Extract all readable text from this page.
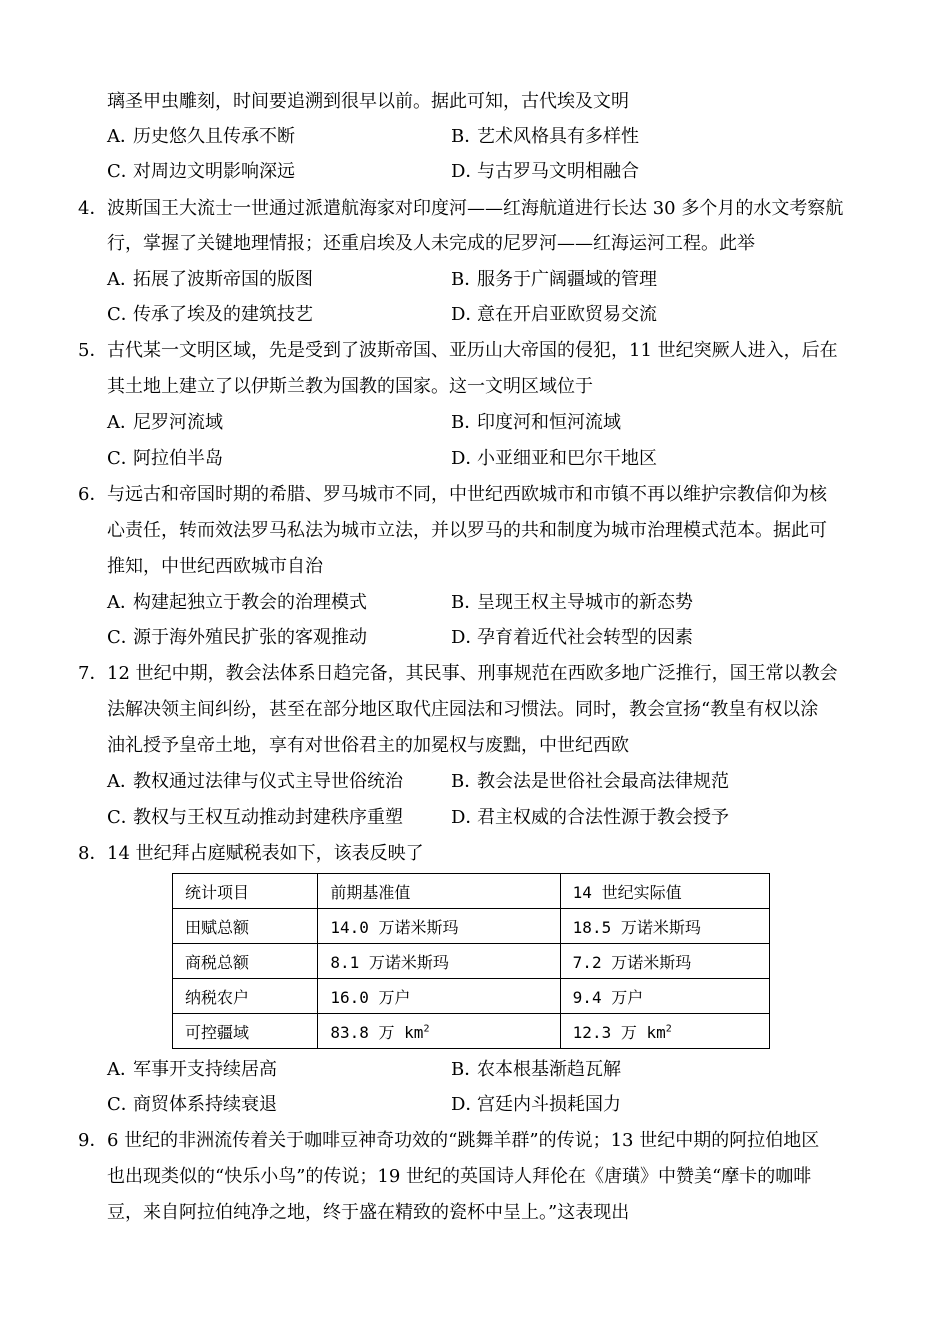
璃圣甲虫雕刻，时间要追溯到很早以前。据此可知，古代埃及文明
A．历史悠久且传承不断	B．艺术风格具有多样性
C．对周边文明影响深远	D．与古罗马文明相融合
4．波斯国王大流士一世通过派遣航海家对印度河——红海航道进行长达 30 多个月的水文考察航
行，掌握了关键地理情报；还重启埃及人未完成的尼罗河——红海运河工程。此举
A．拓展了波斯帝国的版图	B．服务于广阔疆域的管理
C．传承了埃及的建筑技艺	D．意在开启亚欧贸易交流
5．古代某一文明区域，先是受到了波斯帝国、亚历山大帝国的侵犯，11 世纪突厥人进入，后在
其土地上建立了以伊斯兰教为国教的国家。这一文明区域位于
A．尼罗河流域	B．印度河和恒河流域
C．阿拉伯半岛	D．小亚细亚和巴尔干地区
6．与远古和帝国时期的希腊、罗马城市不同，中世纪西欧城市和市镇不再以维护宗教信仰为核
心责任，转而效法罗马私法为城市立法，并以罗马的共和制度为城市治理模式范本。据此可
推知，中世纪西欧城市自治
A．构建起独立于教会的治理模式	B．呈现王权主导城市的新态势
C．源于海外殖民扩张的客观推动	D．孕育着近代社会转型的因素
7．12 世纪中期，教会法体系日趋完备，其民事、刑事规范在西欧多地广泛推行，国王常以教会
法解决领主间纠纷，甚至在部分地区取代庄园法和习惯法。同时，教会宣扬“教皇有权以涂
油礼授予皇帝土地，享有对世俗君主的加冕权与废黜，中世纪西欧
A．教权通过法律与仪式主导世俗统治	B．教会法是世俗社会最高法律规范
C．教权与王权互动推动封建秩序重塑	D．君主权威的合法性源于教会授予
8．14 世纪拜占庭赋税表如下，该表反映了
统计项目	前期基准值	14 世纪实际值
田赋总额	14.0 万诺米斯玛	18.5 万诺米斯玛
商税总额	8.1 万诺米斯玛	7.2 万诺米斯玛
纳税农户	16.0 万户	9.4 万户
可控疆域	83.8 万 $km^2$	12.3 万 $km^2$
A．军事开支持续居高	B．农本根基渐趋瓦解
C．商贸体系持续衰退	D．宫廷内斗损耗国力
9．6 世纪的非洲流传着关于咖啡豆神奇功效的“跳舞羊群”的传说；13 世纪中期的阿拉伯地区
也出现类似的“快乐小鸟”的传说；19 世纪的英国诗人拜伦在《唐璜》中赞美“摩卡的咖啡
豆，来自阿拉伯纯净之地，终于盛在精致的瓷杯中呈上。”这表现出
